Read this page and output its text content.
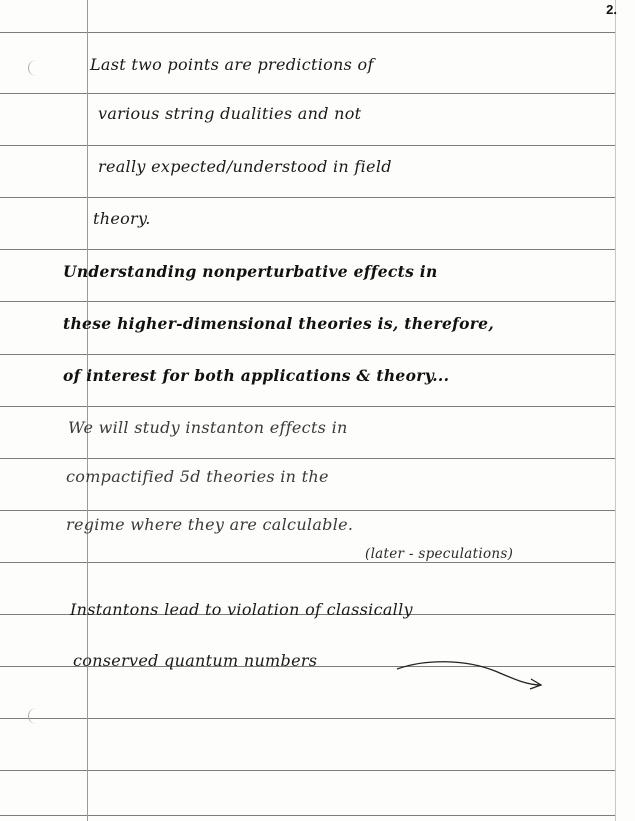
2.
Last two points are predictions of
various string dualities and not
really expected/understood in field
theory.
Understanding nonperturbative effects in
these higher-dimensional theories is, therefore,
of interest for both applications & theory...
We will study instanton effects in
compactified 5d theories in the
regime where they are calculable.
(later - speculations)
Instantons lead to violation of classically
conserved quantum numbers
